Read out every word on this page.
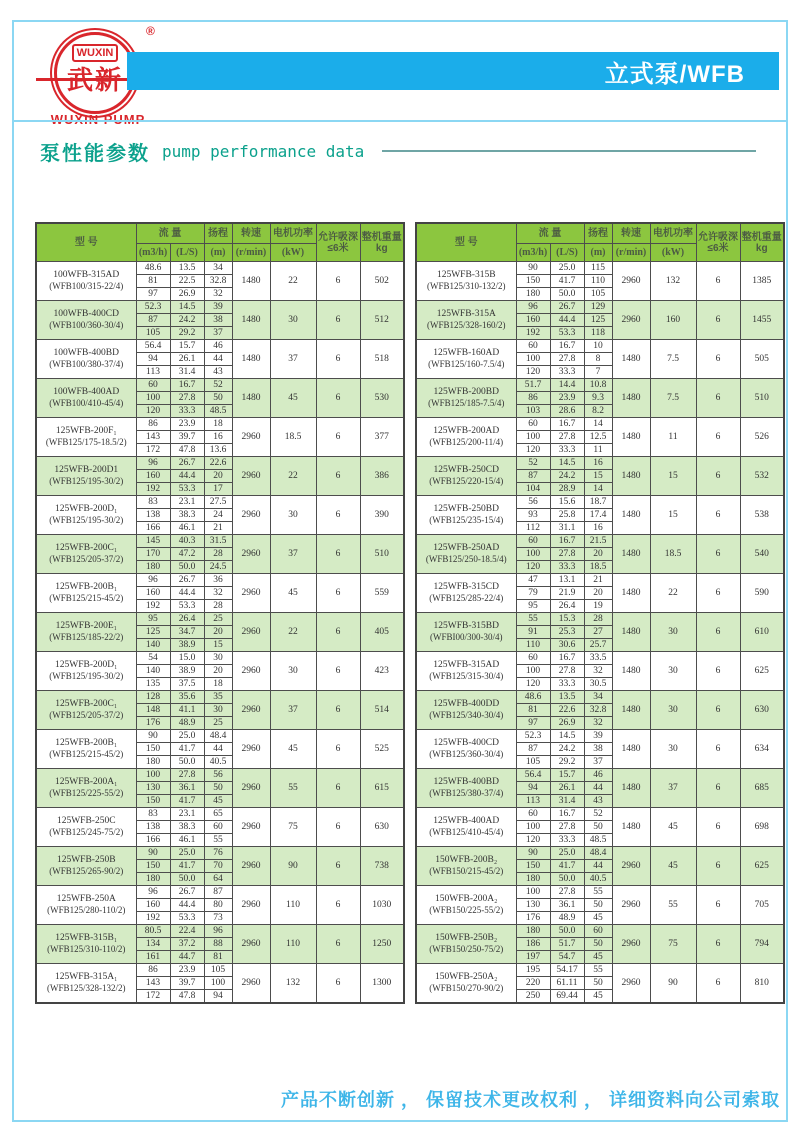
®
WUXIN
武新	立式泵/WFB
泵性能参数 pump performance data
型 号	流 量		扬程	转速	电机功率	允许吸深
≤6米	整机重量
kg
	(m3/h)	(L/S)	(m)	(r/min)	(kW)		

100WFB-315AD
(WFB100/315-22/4)	48.6	13.5	34	1480	22	6	502
	81	22.5	32.8				
	97	26.9	32				

100WFB-400CD
(WFB100/360-30/4)	52.3	14.5	39	1480	30	6	512
	87	24.2	38				
	105	29.2	37				

100WFB-400BD
(WFB100/380-37/4)	56.4	15.7	46	1480	37	6	518
	94	26.1	44				
	113	31.4	43				

100WFB-400AD
(WFB100/410-45/4)	60	16.7	52	1480	45	6	530
	100	27.8	50				
	120	33.3	48.5				

125WFB-200F₁
(WFB125/175-18.5/2)	86	23.9	18	2960	18.5	6	377
	143	39.7	16				
	172	47.8	13.6				

125WFB-200D1
(WFB125/195-30/2)	96	26.7	22.6	2960	22	6	386
	160	44.4	20				
	192	53.3	17				

125WFB-200D₁
(WFB125/195-30/2)	83	23.1	27.5	2960	30	6	390
	138	38.3	24				
	166	46.1	21				

125WFB-200C₁
(WFB125/205-37/2)	145	40.3	31.5	2960	37	6	510
	170	47.2	28				
	180	50.0	24.5				

125WFB-200B₁
(WFB125/215-45/2)	96	26.7	36	2960	45	6	559
	160	44.4	32				
	192	53.3	28				

125WFB-200E₁
(WFB125/185-22/2)	95	26.4	25	2960	22	6	405
	125	34.7	20				
	140	38.9	15				

125WFB-200D₁
(WFB125/195-30/2)	54	15.0	30	2960	30	6	423
	140	38.9	20				
	135	37.5	18				

125WFB-200C₁
(WFB125/205-37/2)	128	35.6	35	2960	37	6	514
	148	41.1	30				
	176	48.9	25				

125WFB-200B₁
(WFB125/215-45/2)	90	25.0	48.4	2960	45	6	525
	150	41.7	44				
	180	50.0	40.5				

125WFB-200A₁
(WFB125/225-55/2)	100	27.8	56	2960	55	6	615
	130	36.1	50				
	150	41.7	45				

125WFB-250C
(WFB125/245-75/2)	83	23.1	65	2960	75	6	630
	138	38.3	60				
	166	46.1	55				

125WFB-250B
(WFB125/265-90/2)	90	25.0	76	2960	90	6	738
	150	41.7	70				
	180	50.0	64				

125WFB-250A
(WFB125/280-110/2)	96	26.7	87	2960	110	6	1030
	160	44.4	80				
	192	53.3	73				

125WFB-315B₁
(WFB125/310-110/2)	80.5	22.4	96	2960	110	6	1250
	134	37.2	88				
	161	44.7	81				

125WFB-315A₁
(WFB125/328-132/2)	86	23.9	105	2960	132	6	1300
	143	39.7	100				
	172	47.8	94				
型 号	流 量		扬程	转速	电机功率	允许吸深
≤6米	整机重量
kg
	(m3/h)	(L/S)	(m)	(r/min)	(kW)		

125WFB-315B
(WFB125/310-132/2)	90	25.0	115	2960	132	6	1385
	150	41.7	110				
	180	50.0	105				

125WFB-315A
(WFB125/328-160/2)	96	26.7	129	2960	160	6	1455
	160	44.4	125				
	192	53.3	118				

125WFB-160AD
(WFB125/160-7.5/4)	60	16.7	10	1480	7.5	6	505
	100	27.8	8				
	120	33.3	7				

125WFB-200BD
(WFB125/185-7.5/4)	51.7	14.4	10.8	1480	7.5	6	510
	86	23.9	9.3				
	103	28.6	8.2				

125WFB-200AD
(WFB125/200-11/4)	60	16.7	14	1480	11	6	526
	100	27.8	12.5				
	120	33.3	11				

125WFB-250CD
(WFB125/220-15/4)	52	14.5	16	1480	15	6	532
	87	24.2	15				
	104	28.9	14				

125WFB-250BD
(WFB125/235-15/4)	56	15.6	18.7	1480	15	6	538
	93	25.8	17.4				
	112	31.1	16				

125WFB-250AD
(WFB125/250-18.5/4)	60	16.7	21.5	1480	18.5	6	540
	100	27.8	20				
	120	33.3	18.5				

125WFB-315CD
(WFB125/285-22/4)	47	13.1	21	1480	22	6	590
	79	21.9	20				
	95	26.4	19				

125WFB-315BD
(WFBI00/300-30/4)	55	15.3	28	1480	30	6	610
	91	25.3	27				
	110	30.6	25.7				

125WFB-315AD
(WFB125/315-30/4)	60	16.7	33.5	1480	30	6	625
	100	27.8	32				
	120	33.3	30.5				

125WFB-400DD
(WFB125/340-30/4)	48.6	13.5	34	1480	30	6	630
	81	22.6	32.8				
	97	26.9	32				

125WFB-400CD
(WFB125/360-30/4)	52.3	14.5	39	1480	30	6	634
	87	24.2	38				
	105	29.2	37				

125WFB-400BD
(WFB125/380-37/4)	56.4	15.7	46	1480	37	6	685
	94	26.1	44				
	113	31.4	43				

125WFB-400AD
(WFB125/410-45/4)	60	16.7	52	1480	45	6	698
	100	27.8	50				
	120	33.3	48.5				

150WFB-200B₂
(WFB150/215-45/2)	90	25.0	48.4	2960	45	6	625
	150	41.7	44				
	180	50.0	40.5				

150WFB-200A₂
(WFB150/225-55/2)	100	27.8	55	2960	55	6	705
	130	36.1	50				
	176	48.9	45				

150WFB-250B₂
(WFB150/250-75/2)	180	50.0	60	2960	75	6	794
	186	51.7	50				
	197	54.7	45				

150WFB-250A₂
(WFB150/270-90/2)	195	54.17	55	2960	90	6	810
	220	61.11	50				
	250	69.44	45				
产品不断创新 ， 保留技术更改权利 ， 详细资料向公司索取
